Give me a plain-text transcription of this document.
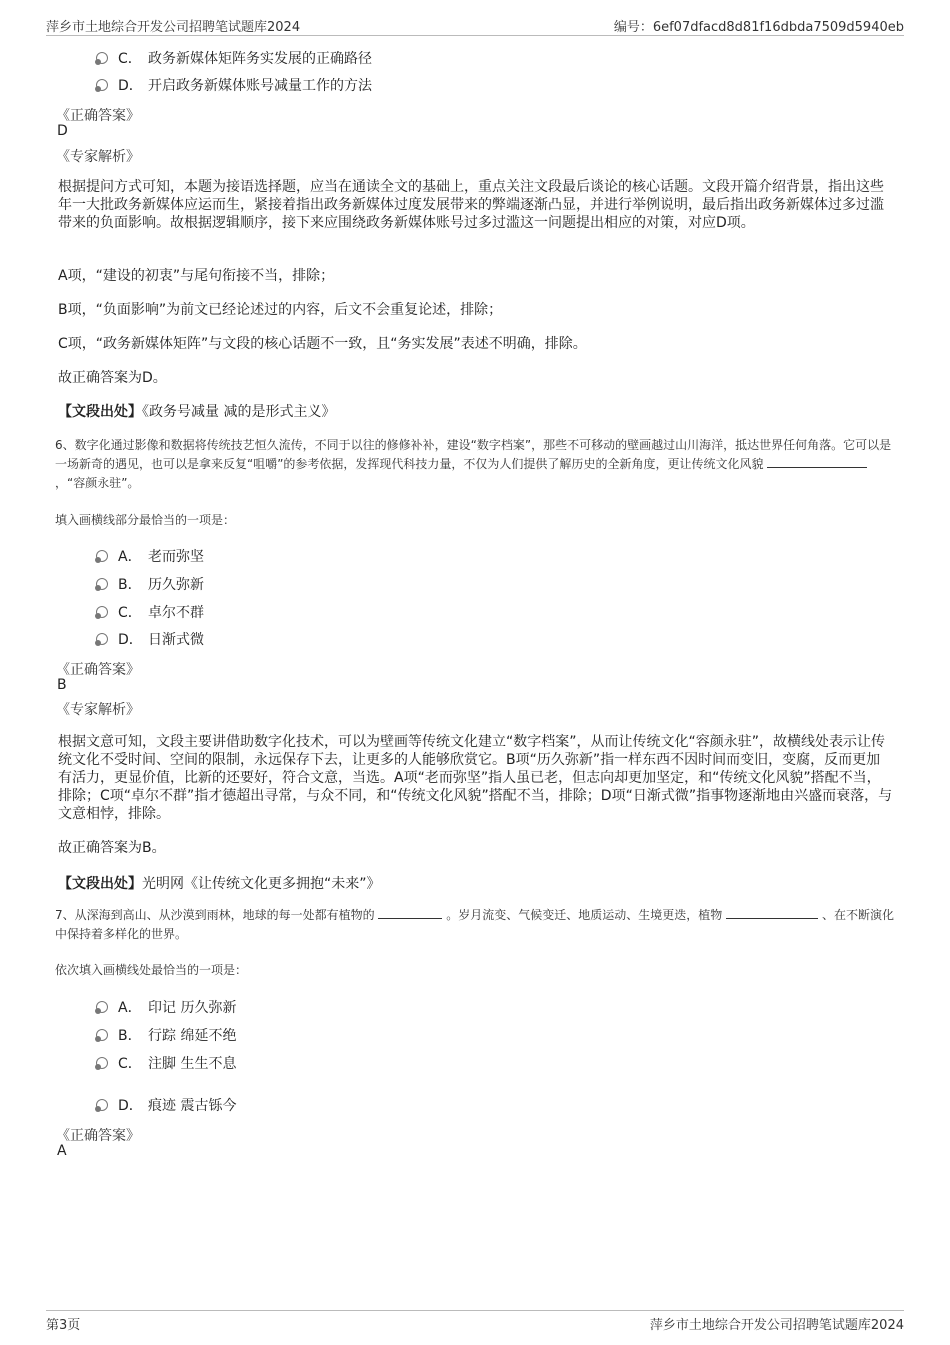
萍乡市土地综合开发公司招聘笔试题库2024	编号：6ef07dfacd8d81f16dbda7509d5940eb
C． 政务新媒体矩阵务实发展的正确路径
D． 开启政务新媒体账号减量工作的方法
《正确答案》
D
《专家解析》
根据提问方式可知，本题为接语选择题，应当在通读全文的基础上，重点关注文段最后谈论的核心话题。文段开篇介绍背景，指出这些年一大批政务新媒体应运而生，紧接着指出政务新媒体过度发展带来的弊端逐渐凸显，并进行举例说明，最后指出政务新媒体过多过滥带来的负面影响。故根据逻辑顺序，接下来应围绕政务新媒体账号过多过滥这一问题提出相应的对策，对应D项。
A项，“建设的初衷”与尾句衔接不当，排除；
B项，“负面影响”为前文已经论述过的内容，后文不会重复论述，排除；
C项，“政务新媒体矩阵”与文段的核心话题不一致，且“务实发展”表述不明确，排除。
故正确答案为D。
【文段出处】《政务号减量 减的是形式主义》
6、数字化通过影像和数据将传统技艺恒久流传，不同于以往的修修补补，建设“数字档案”，那些不可移动的壁画越过山川海洋，抵达世界任何角落。它可以是一场新奇的遇见，也可以是拿来反复“咀嚼”的参考依据，发挥现代科技力量，不仅为人们提供了解历史的全新角度，更让传统文化风貌 ，“容颜永驻”。
填入画横线部分最恰当的一项是：
A． 老而弥坚
B． 历久弥新
C． 卓尔不群
D． 日渐式微
《正确答案》
B
《专家解析》
根据文意可知，文段主要讲借助数字化技术，可以为壁画等传统文化建立“数字档案”，从而让传统文化“容颜永驻”，故横线处表示让传统文化不受时间、空间的限制，永远保存下去，让更多的人能够欣赏它。B项“历久弥新”指一样东西不因时间而变旧，变腐，反而更加有活力，更显价值，比新的还要好，符合文意，当选。A项“老而弥坚”指人虽已老，但志向却更加坚定，和“传统文化风貌”搭配不当，排除；C项“卓尔不群”指才德超出寻常，与众不同，和“传统文化风貌”搭配不当，排除；D项“日渐式微”指事物逐渐地由兴盛而衰落，与文意相悖，排除。
故正确答案为B。
【文段出处】光明网《让传统文化更多拥抱“未来”》
7、从深海到高山、从沙漠到雨林，地球的每一处都有植物的	。岁月流变、气候变迁、地质运动、生境更迭，植物	、在不断演化中保持着多样化的世界。
依次填入画横线处最恰当的一项是：
A． 印记 历久弥新
B． 行踪 绵延不绝
C． 注脚 生生不息
D． 痕迹 震古铄今
《正确答案》
A
第3页	萍乡市土地综合开发公司招聘笔试题库2024
